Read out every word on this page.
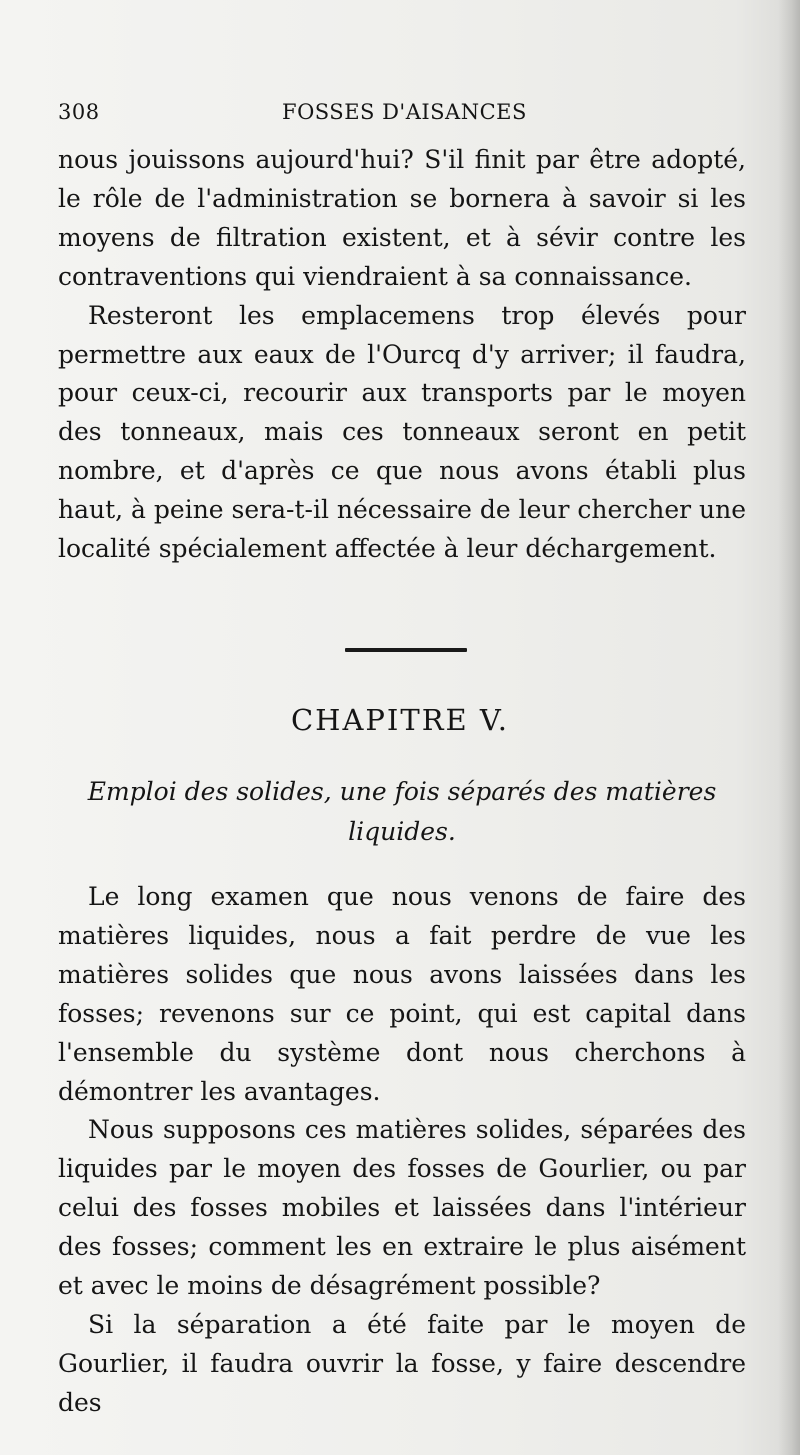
308	FOSSES D'AISANCES

nous jouissons aujourd'hui? S'il finit par être adopté, le rôle de l'administration se bornera à savoir si les moyens de filtration existent, et à sévir contre les contraventions qui viendraient à sa connaissance.

Resteront les emplacemens trop élevés pour permettre aux eaux de l'Ourcq d'y arriver; il faudra, pour ceux-ci, recourir aux transports par le moyen des tonneaux, mais ces tonneaux seront en petit nombre, et d'après ce que nous avons établi plus haut, à peine sera-t-il nécessaire de leur chercher une localité spécialement affectée à leur déchargement.

CHAPITRE V.
Emploi des solides, une fois séparés des matières liquides.

Le long examen que nous venons de faire des matières liquides, nous a fait perdre de vue les matières solides que nous avons laissées dans les fosses; revenons sur ce point, qui est capital dans l'ensemble du système dont nous cherchons à démontrer les avantages.

Nous supposons ces matières solides, séparées des liquides par le moyen des fosses de Gourlier, ou par celui des fosses mobiles et laissées dans l'intérieur des fosses; comment les en extraire le plus aisément et avec le moins de désagrément possible?

Si la séparation a été faite par le moyen de Gourlier, il faudra ouvrir la fosse, y faire descendre des
